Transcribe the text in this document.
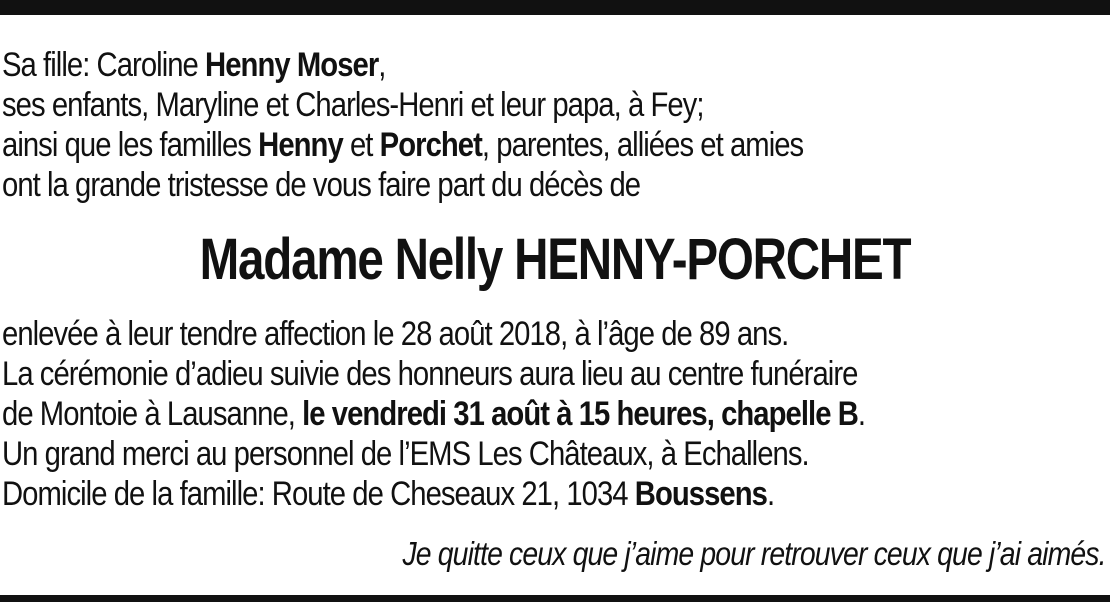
Sa fille: Caroline Henny Moser,
ses enfants, Maryline et Charles-Henri et leur papa, à Fey;
ainsi que les familles Henny et Porchet, parentes, alliées et amies
ont la grande tristesse de vous faire part du décès de
Madame Nelly HENNY-PORCHET
enlevée à leur tendre affection le 28 août 2018, à l’âge de 89 ans.
La cérémonie d’adieu suivie des honneurs aura lieu au centre funéraire
de Montoie à Lausanne, le vendredi 31 août à 15 heures, chapelle B.
Un grand merci au personnel de l’EMS Les Châteaux, à Echallens.
Domicile de la famille: Route de Cheseaux 21, 1034 Boussens.
Je quitte ceux que j’aime pour retrouver ceux que j’ai aimés.
